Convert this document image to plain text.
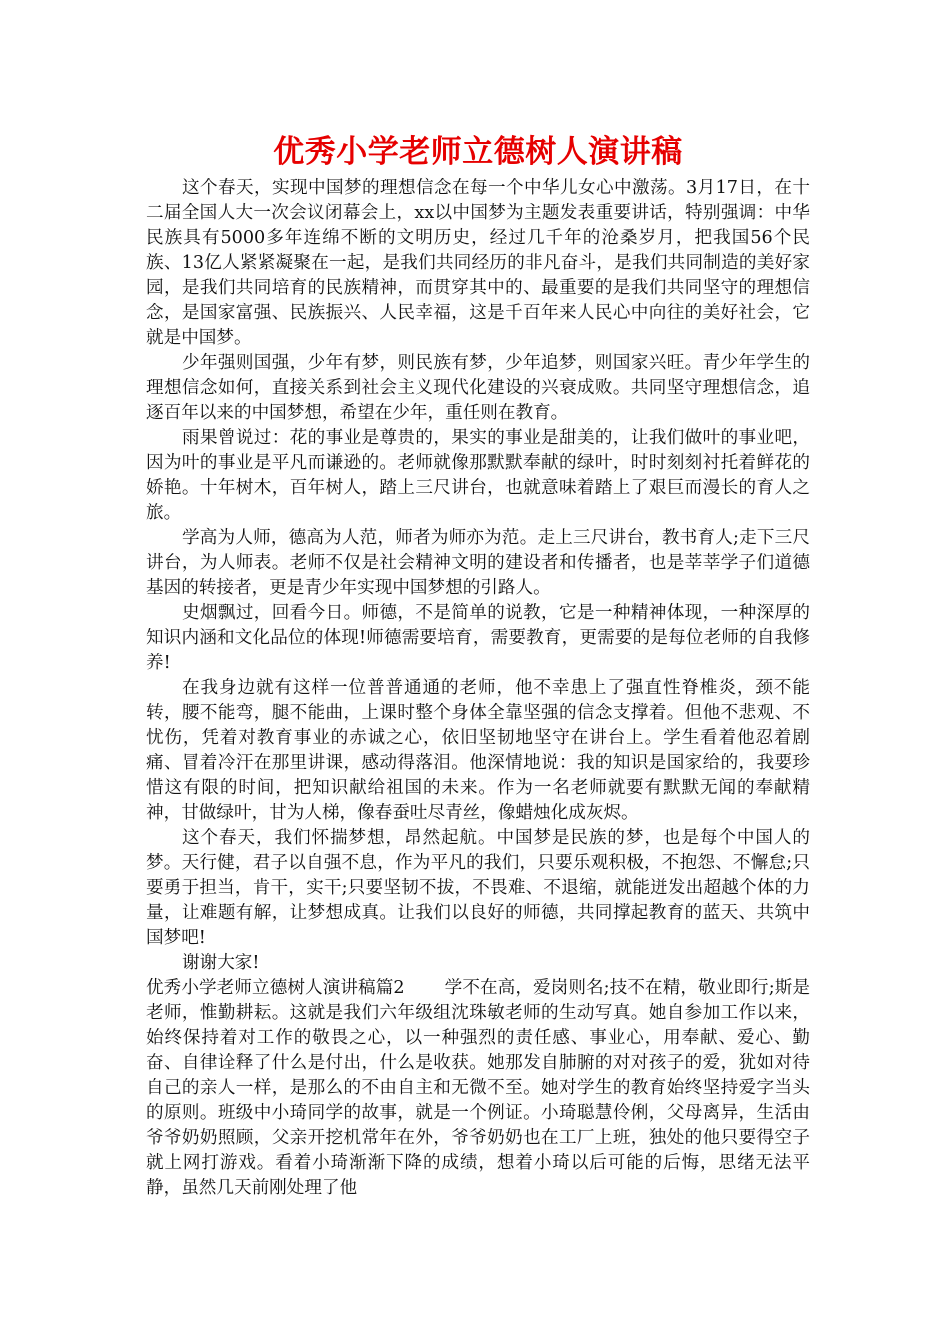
优秀小学老师立德树人演讲稿

这个春天，实现中国梦的理想信念在每一个中华儿女心中激荡。3月17日，在十二届全国人大一次会议闭幕会上，xx以中国梦为主题发表重要讲话，特别强调：中华民族具有5000多年连绵不断的文明历史，经过几千年的沧桑岁月，把我国56个民族、13亿人紧紧凝聚在一起，是我们共同经历的非凡奋斗，是我们共同制造的美好家园，是我们共同培育的民族精神，而贯穿其中的、最重要的是我们共同坚守的理想信念，是国家富强、民族振兴、人民幸福，这是千百年来人民心中向往的美好社会，它就是中国梦。

少年强则国强，少年有梦，则民族有梦，少年追梦，则国家兴旺。青少年学生的理想信念如何，直接关系到社会主义现代化建设的兴衰成败。共同坚守理想信念，追逐百年以来的中国梦想，希望在少年，重任则在教育。

雨果曾说过：花的事业是尊贵的，果实的事业是甜美的，让我们做叶的事业吧，因为叶的事业是平凡而谦逊的。老师就像那默默奉献的绿叶，时时刻刻衬托着鲜花的娇艳。十年树木，百年树人，踏上三尺讲台，也就意味着踏上了艰巨而漫长的育人之旅。

学高为人师，德高为人范，师者为师亦为范。走上三尺讲台，教书育人;走下三尺讲台，为人师表。老师不仅是社会精神文明的建设者和传播者，也是莘莘学子们道德基因的转接者，更是青少年实现中国梦想的引路人。

史烟飘过，回看今日。师德，不是简单的说教，它是一种精神体现，一种深厚的知识内涵和文化品位的体现!师德需要培育，需要教育，更需要的是每位老师的自我修养!

在我身边就有这样一位普普通通的老师，他不幸患上了强直性脊椎炎，颈不能转，腰不能弯，腿不能曲，上课时整个身体全靠坚强的信念支撑着。但他不悲观、不忧伤，凭着对教育事业的赤诚之心，依旧坚韧地坚守在讲台上。学生看着他忍着剧痛、冒着冷汗在那里讲课，感动得落泪。他深情地说：我的知识是国家给的，我要珍惜这有限的时间，把知识献给祖国的未来。作为一名老师就要有默默无闻的奉献精神，甘做绿叶，甘为人梯，像春蚕吐尽青丝，像蜡烛化成灰烬。

这个春天，我们怀揣梦想，昂然起航。中国梦是民族的梦，也是每个中国人的梦。天行健，君子以自强不息，作为平凡的我们，只要乐观积极，不抱怨、不懈怠;只要勇于担当，肯干，实干;只要坚韧不拔，不畏难、不退缩，就能迸发出超越个体的力量，让难题有解，让梦想成真。让我们以良好的师德，共同撑起教育的蓝天、共筑中国梦吧!

谢谢大家!

优秀小学老师立德树人演讲稿篇2 学不在高，爱岗则名;技不在精，敬业即行;斯是老师，惟勤耕耘。这就是我们六年级组沈珠敏老师的生动写真。她自参加工作以来，始终保持着对工作的敬畏之心，以一种强烈的责任感、事业心，用奉献、爱心、勤奋、自律诠释了什么是付出，什么是收获。她那发自肺腑的对对孩子的爱，犹如对待自己的亲人一样，是那么的不由自主和无微不至。她对学生的教育始终坚持爱字当头的原则。班级中小琦同学的故事，就是一个例证。小琦聪慧伶俐，父母离异，生活由爷爷奶奶照顾，父亲开挖机常年在外，爷爷奶奶也在工厂上班，独处的他只要得空子就上网打游戏。看着小琦渐渐下降的成绩，想着小琦以后可能的后悔，思绪无法平静，虽然几天前刚处理了他
